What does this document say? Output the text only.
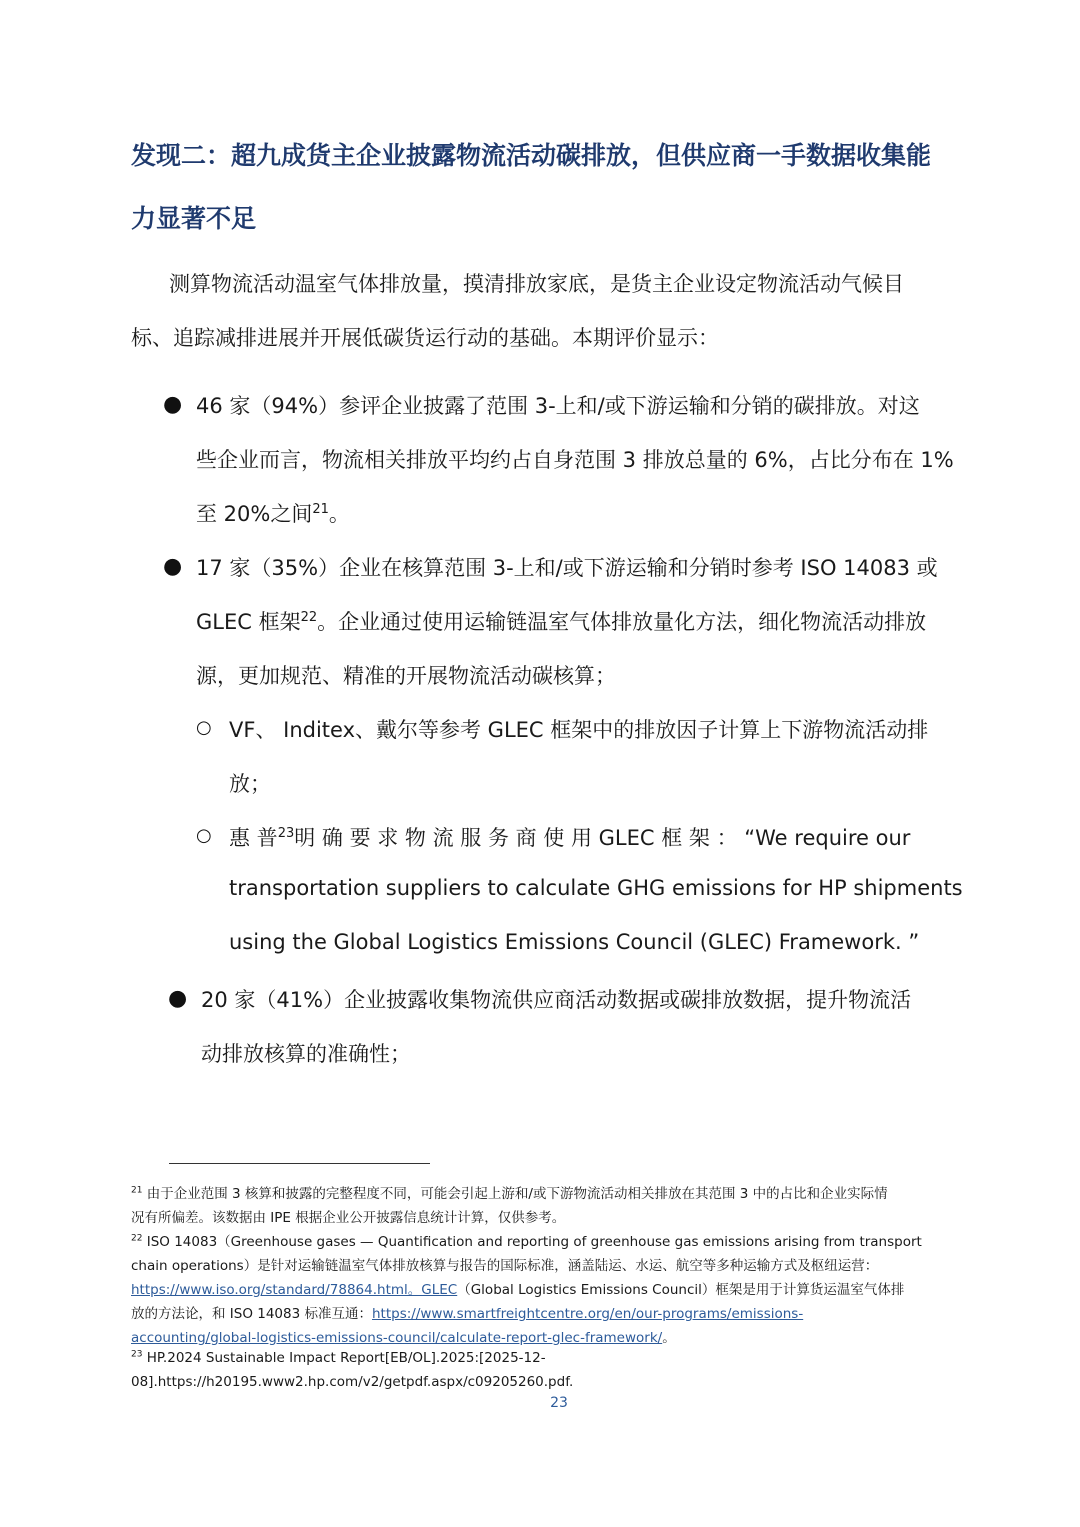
发现二：超九成货主企业披露物流活动碳排放，但供应商一手数据收集能
力显著不足
测算物流活动温室气体排放量，摸清排放家底，是货主企业设定物流活动气候目
标、追踪减排进展并开展低碳货运行动的基础。本期评价显示：
● 46 家（94%）参评企业披露了范围 3-上和/或下游运输和分销的碳排放。对这
些企业而言，物流相关排放平均约占自身范围 3 排放总量的 6%，占比分布在 1%
至 20%之间$^{21}$。
● 17 家（35%）企业在核算范围 3-上和/或下游运输和分销时参考 ISO 14083 或
GLEC 框架$^{22}$。企业通过使用运输链温室气体排放量化方法，细化物流活动排放
源，更加规范、精准的开展物流活动碳核算；
○ VF、 Inditex、戴尔等参考 GLEC 框架中的排放因子计算上下游物流活动排
放；
○ 惠 普$^{23}$明 确 要 求 物 流 服 务 商 使 用 GLEC 框 架 ： “We require our
transportation suppliers to calculate GHG emissions for HP shipments
using the Global Logistics Emissions Council (GLEC) Framework. ”
● 20 家（41%）企业披露收集物流供应商活动数据或碳排放数据，提升物流活
动排放核算的准确性；
$^{21}$ 由于企业范围 3 核算和披露的完整程度不同，可能会引起上游和/或下游物流活动相关排放在其范围 3 中的占比和企业实际情
况有所偏差。该数据由 IPE 根据企业公开披露信息统计计算，仅供参考。
$^{22}$ ISO 14083（Greenhouse gases — Quantification and reporting of greenhouse gas emissions arising from transport
chain operations）是针对运输链温室气体排放核算与报告的国际标准，涵盖陆运、水运、航空等多种运输方式及枢纽运营：
https://www.iso.org/standard/78864.html。GLEC（Global Logistics Emissions Council）框架是用于计算货运温室气体排
放的方法论，和 ISO 14083 标准互通：https://www.smartfreightcentre.org/en/our-programs/emissions-
accounting/global-logistics-emissions-council/calculate-report-glec-framework/。
$^{23}$ HP.2024 Sustainable Impact Report[EB/OL].2025:[2025-12-
08].https://h20195.www2.hp.com/v2/getpdf.aspx/c09205260.pdf.
23
